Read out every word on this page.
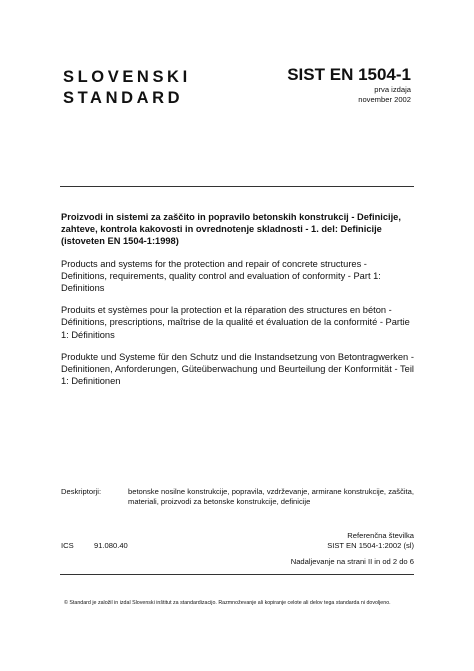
SLOVENSKI
STANDARD
SIST EN 1504-1
prva izdaja
november 2002
Proizvodi in sistemi za zaščito in popravilo betonskih konstrukcij - Definicije, zahteve, kontrola kakovosti in ovrednotenje skladnosti - 1. del: Definicije (istoveten EN 1504-1:1998)
Products and systems for the protection and repair of concrete structures - Definitions, requirements, quality control and evaluation of conformity - Part 1: Definitions
Produits et systèmes pour la protection et la réparation des structures en béton - Définitions, prescriptions, maîtrise de la qualité et évaluation de la conformité - Partie 1: Définitions
Produkte und Systeme für den Schutz und die Instandsetzung von Betontragwerken - Definitionen, Anforderungen, Güteüberwachung und Beurteilung der Konformität - Teil 1: Definitionen
Deskriptorji:	betonske nosilne konstrukcije, popravila, vzdrževanje, armirane konstrukcije, zaščita, materiali, proizvodi za betonske konstrukcije, definicije
ICS	91.080.40
Referenčna številka
SIST EN 1504-1:2002 (sl)
Nadaljevanje na strani II in od 2 do 6
© Standard je založil in izdal Slovenski inštitut za standardizacijo. Razmnoževanje ali kopiranje celote ali delov tega standarda ni dovoljeno.
